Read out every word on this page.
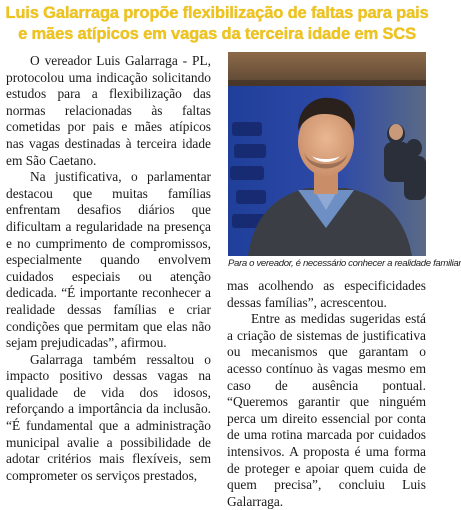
Luis Galarraga propõe flexibilização de faltas para pais
e mães atípicos em vagas da terceira idade em SCS

O vereador Luis Galarraga - PL, protocolou uma indicação solicitando estudos para a flexibilização das normas relacionadas às faltas cometidas por pais e mães atípicos nas vagas destinadas à terceira idade em São Caetano.

Na justificativa, o parlamentar destacou que muitas famílias enfrentam desafios diários que dificultam a regularidade na presença e no cumprimento de compromissos, especialmente quando envolvem cuidados especiais ou atenção dedicada. “É importante reconhecer a realidade dessas famílias e criar condições que permitam que elas não sejam prejudicadas”, afirmou.

Galarraga também ressaltou o impacto positivo dessas vagas na qualidade de vida dos idosos, reforçando a importância da inclusão. “É fundamental que a administração municipal avalie a possibilidade de adotar critérios mais flexíveis, sem comprometer os serviços prestados,

Para o vereador, é necessário conhecer a realidade familiar

mas acolhendo as especificidades dessas famílias”, acrescentou.

Entre as medidas sugeridas está a criação de sistemas de justificativa ou mecanismos que garantam o acesso contínuo às vagas mesmo em caso de ausência pontual. “Queremos garantir que ninguém perca um direito essencial por conta de uma rotina marcada por cuidados intensivos. A proposta é uma forma de proteger e apoiar quem cuida de quem precisa”, concluiu Luis Galarraga.
